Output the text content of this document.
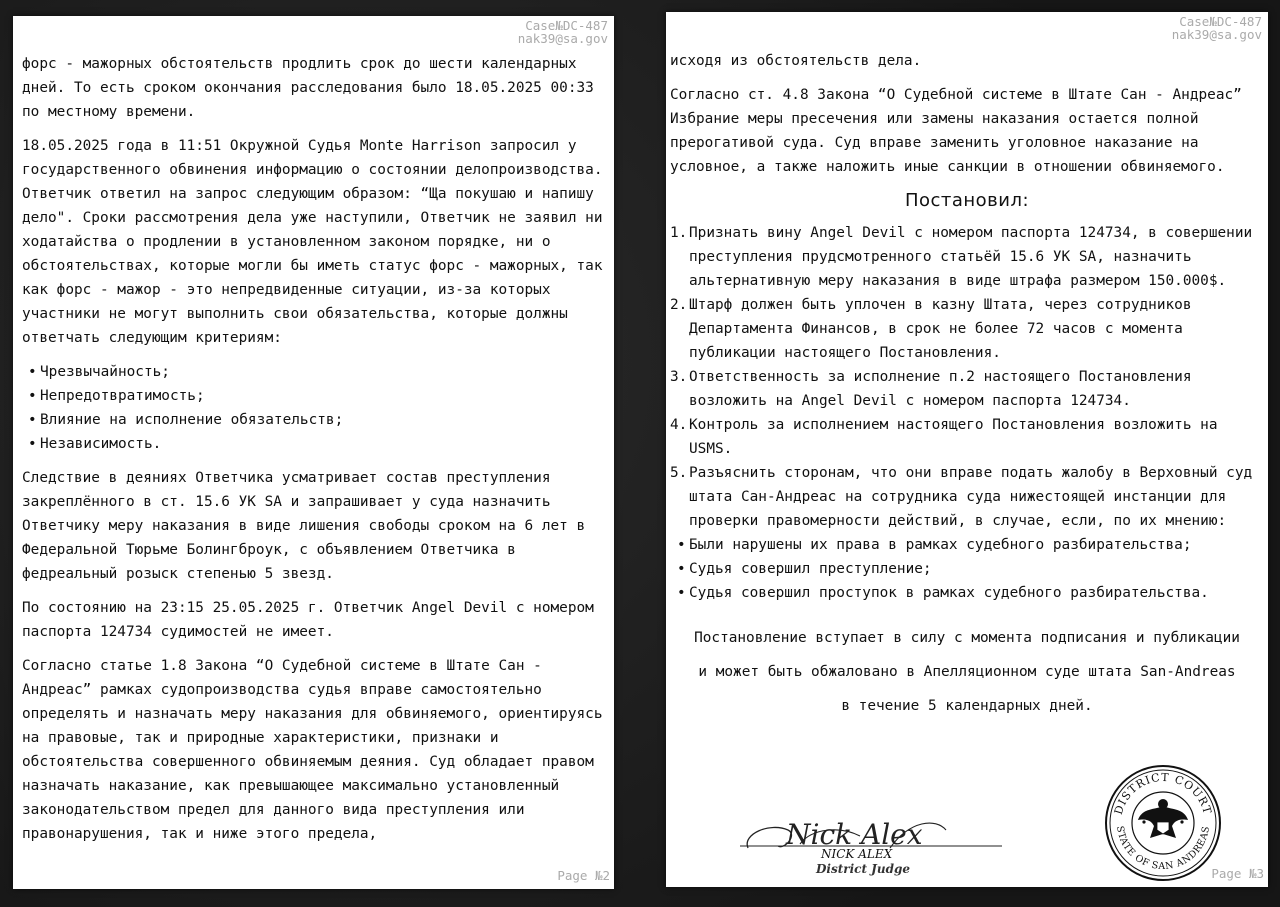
Case№DC-487
nak39@sa.gov

форс - мажорных обстоятельств продлить срок до шести календарных дней. То есть сроком окончания расследования было 18.05.2025 00:33 по местному времени.

18.05.2025 года в 11:51 Окружной Судья Monte Harrison запросил у государственного обвинения информацию о состоянии делопроизводства. Ответчик ответил на запрос следующим образом: “Ща покушаю и напишу дело". Сроки рассмотрения дела уже наступили, Ответчик не заявил ни ходатайства о продлении в установленном законом порядке, ни о обстоятельствах, которые могли бы иметь статус форс - мажорных, так как форс - мажор - это непредвиденные ситуации, из-за которых участники не могут выполнить свои обязательства, которые должны ответчать следующим критериям:

• Чрезвычайность;
• Непредотвратимость;
• Влияние на исполнение обязательств;
• Независимость.

Следствие в деяниях Ответчика усматривает состав преступления закреплённого в ст. 15.6 УК SA и запрашивает у суда назначить Ответчику меру наказания в виде лишения свободы сроком на 6 лет в Федеральной Тюрьме Болингброук, с объявлением Ответчика в федреальный розыск степенью 5 звезд.

По состоянию на 23:15 25.05.2025 г. Ответчик Angel Devil с номером паспорта 124734 судимостей не имеет.

Согласно статье 1.8 Закона “О Судебной системе в Штате Сан - Андреас” рамках судопроизводства судья вправе самостоятельно определять и назначать меру наказания для обвиняемого, ориентируясь на правовые, так и природные характеристики, признаки и обстоятельства совершенного обвиняемым деяния. Суд обладает правом назначать наказание, как превышающее максимально установленный законодательством предел для данного вида преступления или правонарушения, так и ниже этого предела,

Page №2
Case№DC-487
nak39@sa.gov

исходя из обстоятельств дела.

Согласно ст. 4.8 Закона “О Судебной системе в Штате Сан - Андреас” Избрание меры пресечения или замены наказания остается полной прерогативой суда. Суд вправе заменить уголовное наказание на условное, а также наложить иные санкции в отношении обвиняемого.

Постановил:
1. Признать вину Angel Devil с номером паспорта 124734, в совершении преступления прудсмотренного статьёй 15.6 УК SA, назначить альтернативную меру наказания в виде штрафа размером 150.000$.
2. Штарф должен быть уплочен в казну Штата, через сотрудников Департамента Финансов, в срок не более 72 часов с момента публикации настоящего Постановления.
3. Ответственность за исполнение п.2 настоящего Постановления возложить на Angel Devil с номером паспорта 124734.
4. Контроль за исполнением настоящего Постановления возложить на USMS.
5. Разъяснить сторонам, что они вправе подать жалобу в Верховный суд штата Сан-Андреас на сотрудника суда нижестоящей инстанции для проверки правомерности действий, в случае, если, по их мнению:
• Были нарушены их права в рамках судебного разбирательства;
• Судья совершил преступление;
• Судья совершил проступок в рамках судебного разбирательства.
Постановление вступает в силу с момента подписания и публикации
и может быть обжаловано в Апелляционном суде штата San-Andreas
в течение 5 календарных дней.
Nick Alex
NICK ALEX
District Judge
DISTRICT COURT
STATE OF SAN ANDREAS
Page №3
